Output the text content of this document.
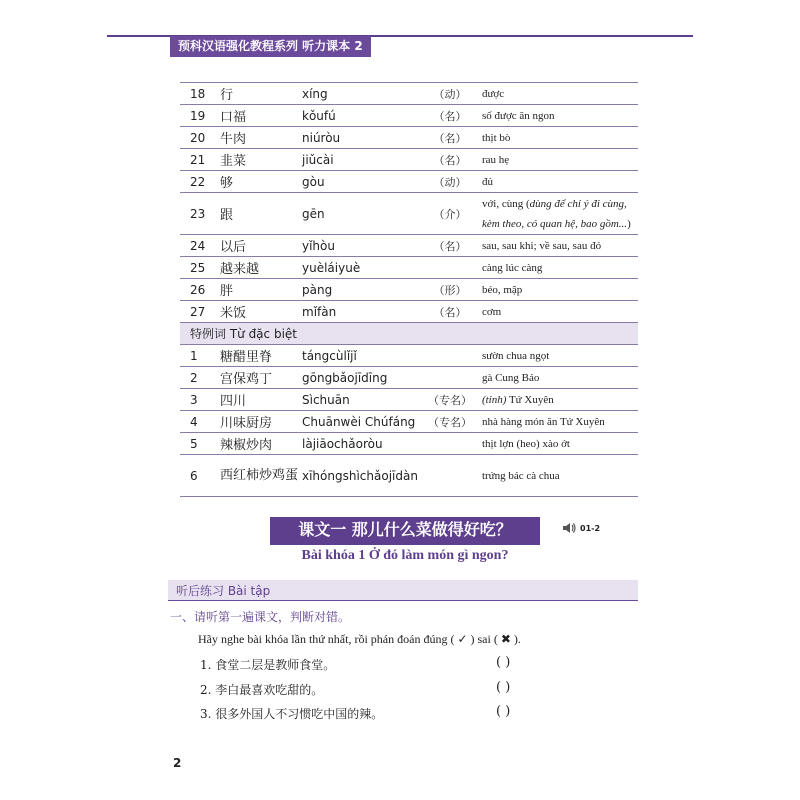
预科汉语强化教程系列 听力课本 2
18	行	xíng	（动）	được
19	口福	kǒufú	（名）	số được ăn ngon
20	牛肉	niúròu	（名）	thịt bò
21	韭菜	jiǔcài	（名）	rau hẹ
22	够	gòu	（动）	đủ
23	跟	gēn	（介）	với, cùng (dùng để chỉ ý đi cùng, kèm theo, có quan hệ, bao gồm...)
24	以后	yǐhòu	（名）	sau, sau khi; về sau, sau đó
25	越来越	yuèláiyuè		càng lúc càng
26	胖	pàng	（形）	béo, mập
27	米饭	mǐfàn	（名）	cơm
特例词 Từ đặc biệt				
1	糖醋里脊	tángcùlǐjǐ		sườn chua ngọt
2	宫保鸡丁	gōngbǎojīdīng		gà Cung Bảo
3	四川	Sìchuān	（专名）	(tỉnh) Tứ Xuyên
4	川味厨房	Chuānwèi Chúfáng	（专名）	nhà hàng món ăn Tứ Xuyên
5	辣椒炒肉	làjiāochǎoròu		thịt lợn (heo) xào ớt
6	西红柿炒鸡蛋	xīhóngshìchǎojīdàn		trứng bác cà chua
课文一 那儿什么菜做得好吃？	01-2
Bài khóa 1 Ở đó làm món gì ngon?
听后练习 Bài tập
一、请听第一遍课文，判断对错。
Hãy nghe bài khóa lần thứ nhất, rồi phán đoán đúng ( ✓ ) sai ( ✖ ).
1. 食堂二层是教师食堂。	( )
2. 李白最喜欢吃甜的。	( )
3. 很多外国人不习惯吃中国的辣。	( )
2
